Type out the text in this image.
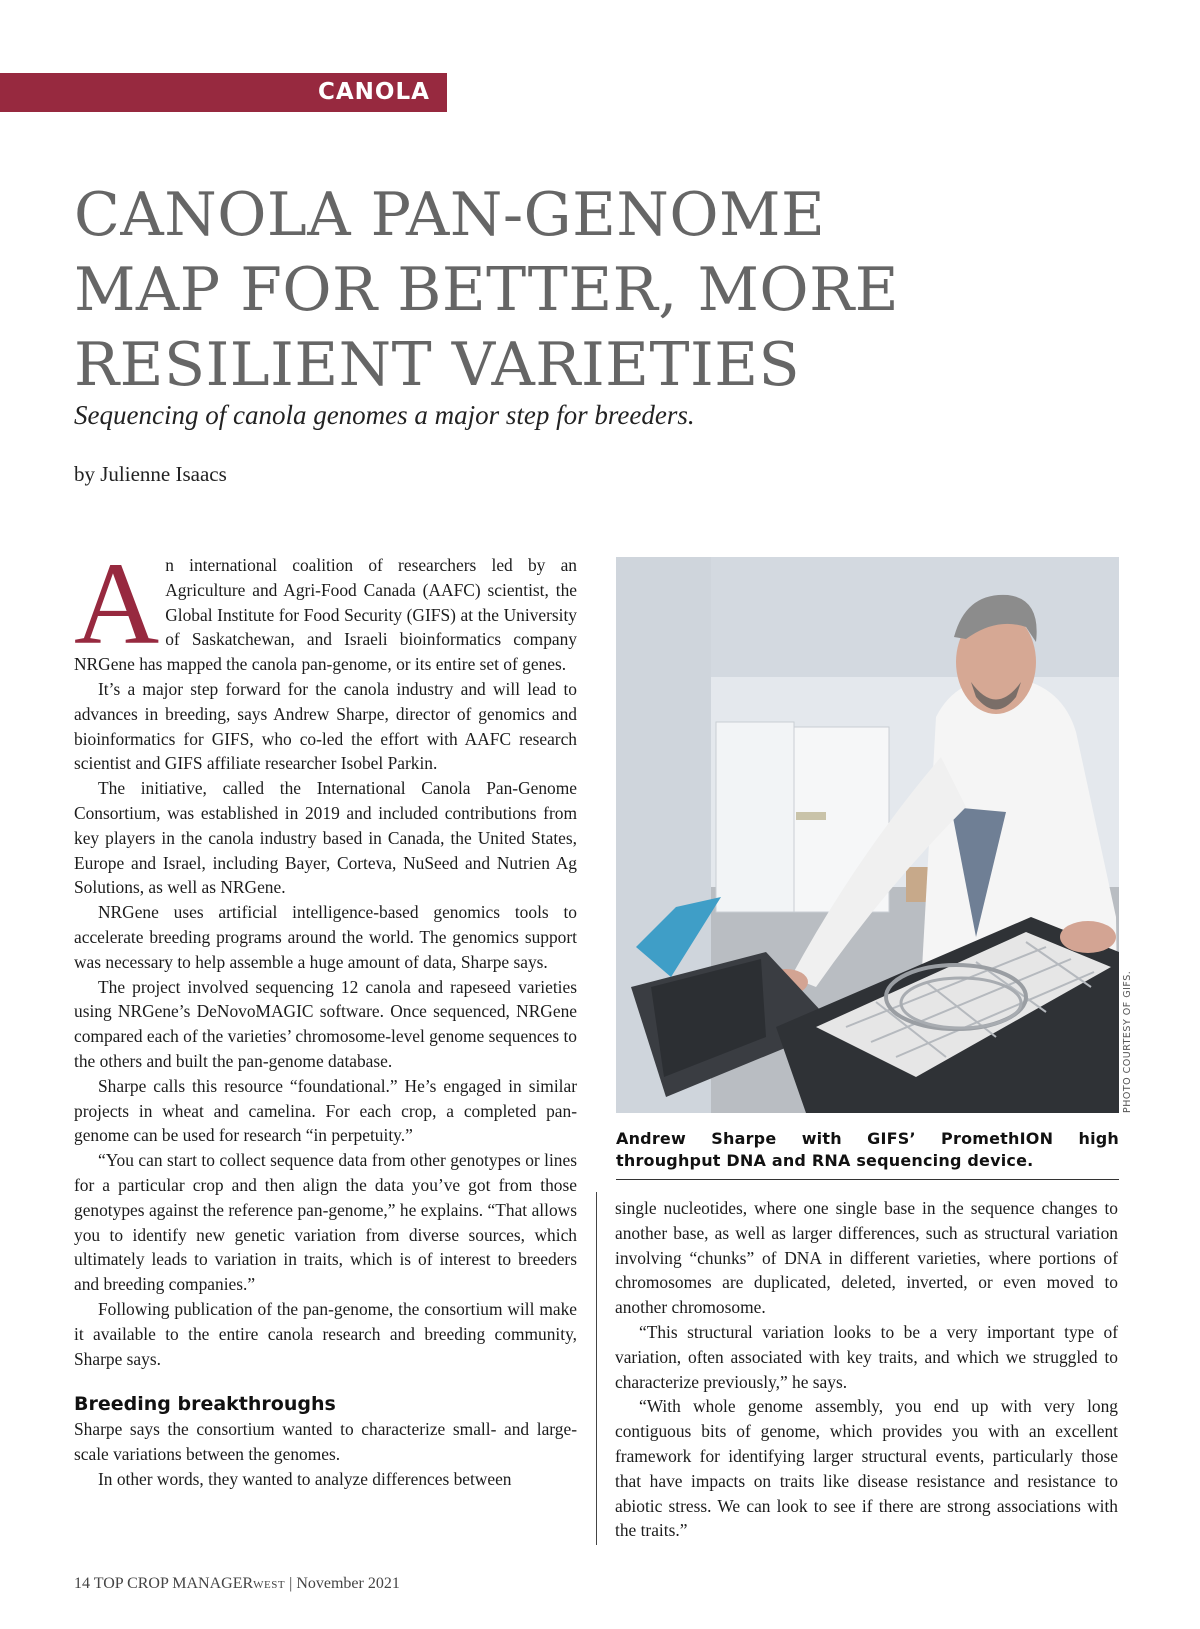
CANOLA
CANOLA PAN-GENOME
MAP FOR BETTER, MORE
RESILIENT VARIETIES
Sequencing of canola genomes a major step for breeders.
by Julienne Isaacs

An international coalition of researchers led by an Agriculture and Agri-Food Canada (AAFC) scientist, the Global Institute for Food Security (GIFS) at the University of Saskatchewan, and Israeli bioinformatics company NRGene has mapped the canola pan-genome, or its entire set of genes.

It’s a major step forward for the canola industry and will lead to advances in breeding, says Andrew Sharpe, director of genomics and bioinformatics for GIFS, who co-led the effort with AAFC research scientist and GIFS affiliate researcher Isobel Parkin.

The initiative, called the International Canola Pan-Genome Consortium, was established in 2019 and included contributions from key players in the canola industry based in Canada, the United States, Europe and Israel, including Bayer, Corteva, NuSeed and Nutrien Ag Solutions, as well as NRGene.

NRGene uses artificial intelligence-based genomics tools to accelerate breeding programs around the world. The genomics support was necessary to help assemble a huge amount of data, Sharpe says.

The project involved sequencing 12 canola and rapeseed varieties using NRGene’s DeNovoMAGIC software. Once sequenced, NRGene compared each of the varieties’ chromosome-level genome sequences to the others and built the pan-genome database.

Sharpe calls this resource “foundational.” He’s engaged in similar projects in wheat and camelina. For each crop, a completed pan-genome can be used for research “in perpetuity.”

“You can start to collect sequence data from other genotypes or lines for a particular crop and then align the data you’ve got from those genotypes against the reference pan-genome,” he explains. “That allows you to identify new genetic variation from diverse sources, which ultimately leads to variation in traits, which is of interest to breeders and breeding companies.”

Following publication of the pan-genome, the consortium will make it available to the entire canola research and breeding community, Sharpe says.

Breeding breakthroughs

Sharpe says the consortium wanted to characterize small- and large-scale variations between the genomes.

In other words, they wanted to analyze differences between

PHOTO COURTESY OF GIFS.
Andrew Sharpe with GIFS’ PromethION high throughput DNA and RNA sequencing device.

single nucleotides, where one single base in the sequence changes to another base, as well as larger differences, such as structural variation involving “chunks” of DNA in different varieties, where portions of chromosomes are duplicated, deleted, inverted, or even moved to another chromosome.

“This structural variation looks to be a very important type of variation, often associated with key traits, and which we struggled to characterize previously,” he says.

“With whole genome assembly, you end up with very long contiguous bits of genome, which provides you with an excellent framework for identifying larger structural events, particularly those that have impacts on traits like disease resistance and resistance to abiotic stress. We can look to see if there are strong associations with the traits.”

14 TOP CROP MANAGERWEST | November 2021
